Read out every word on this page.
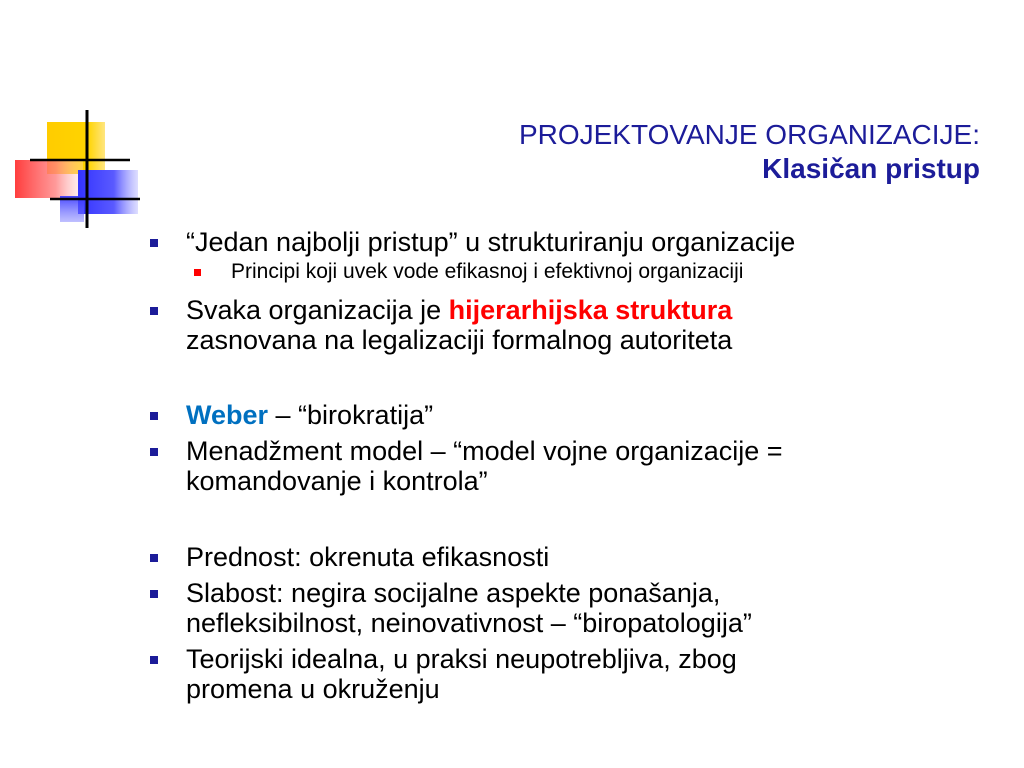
PROJEKTOVANJE ORGANIZACIJE:
Klasičan pristup
“Jedan najbolji pristup” u strukturiranju organizacije
Principi koji uvek vode efikasnoj i efektivnoj organizaciji
Svaka organizacija je hijerarhijska struktura
zasnovana na legalizaciji formalnog autoriteta
Weber – “birokratija”
Menadžment model – “model vojne organizacije =
komandovanje i kontrola”
Prednost: okrenuta efikasnosti
Slabost: negira socijalne aspekte ponašanja,
nefleksibilnost, neinovativnost – “biropatologija”
Teorijski idealna, u praksi neupotrebljiva, zbog
promena u okruženju
